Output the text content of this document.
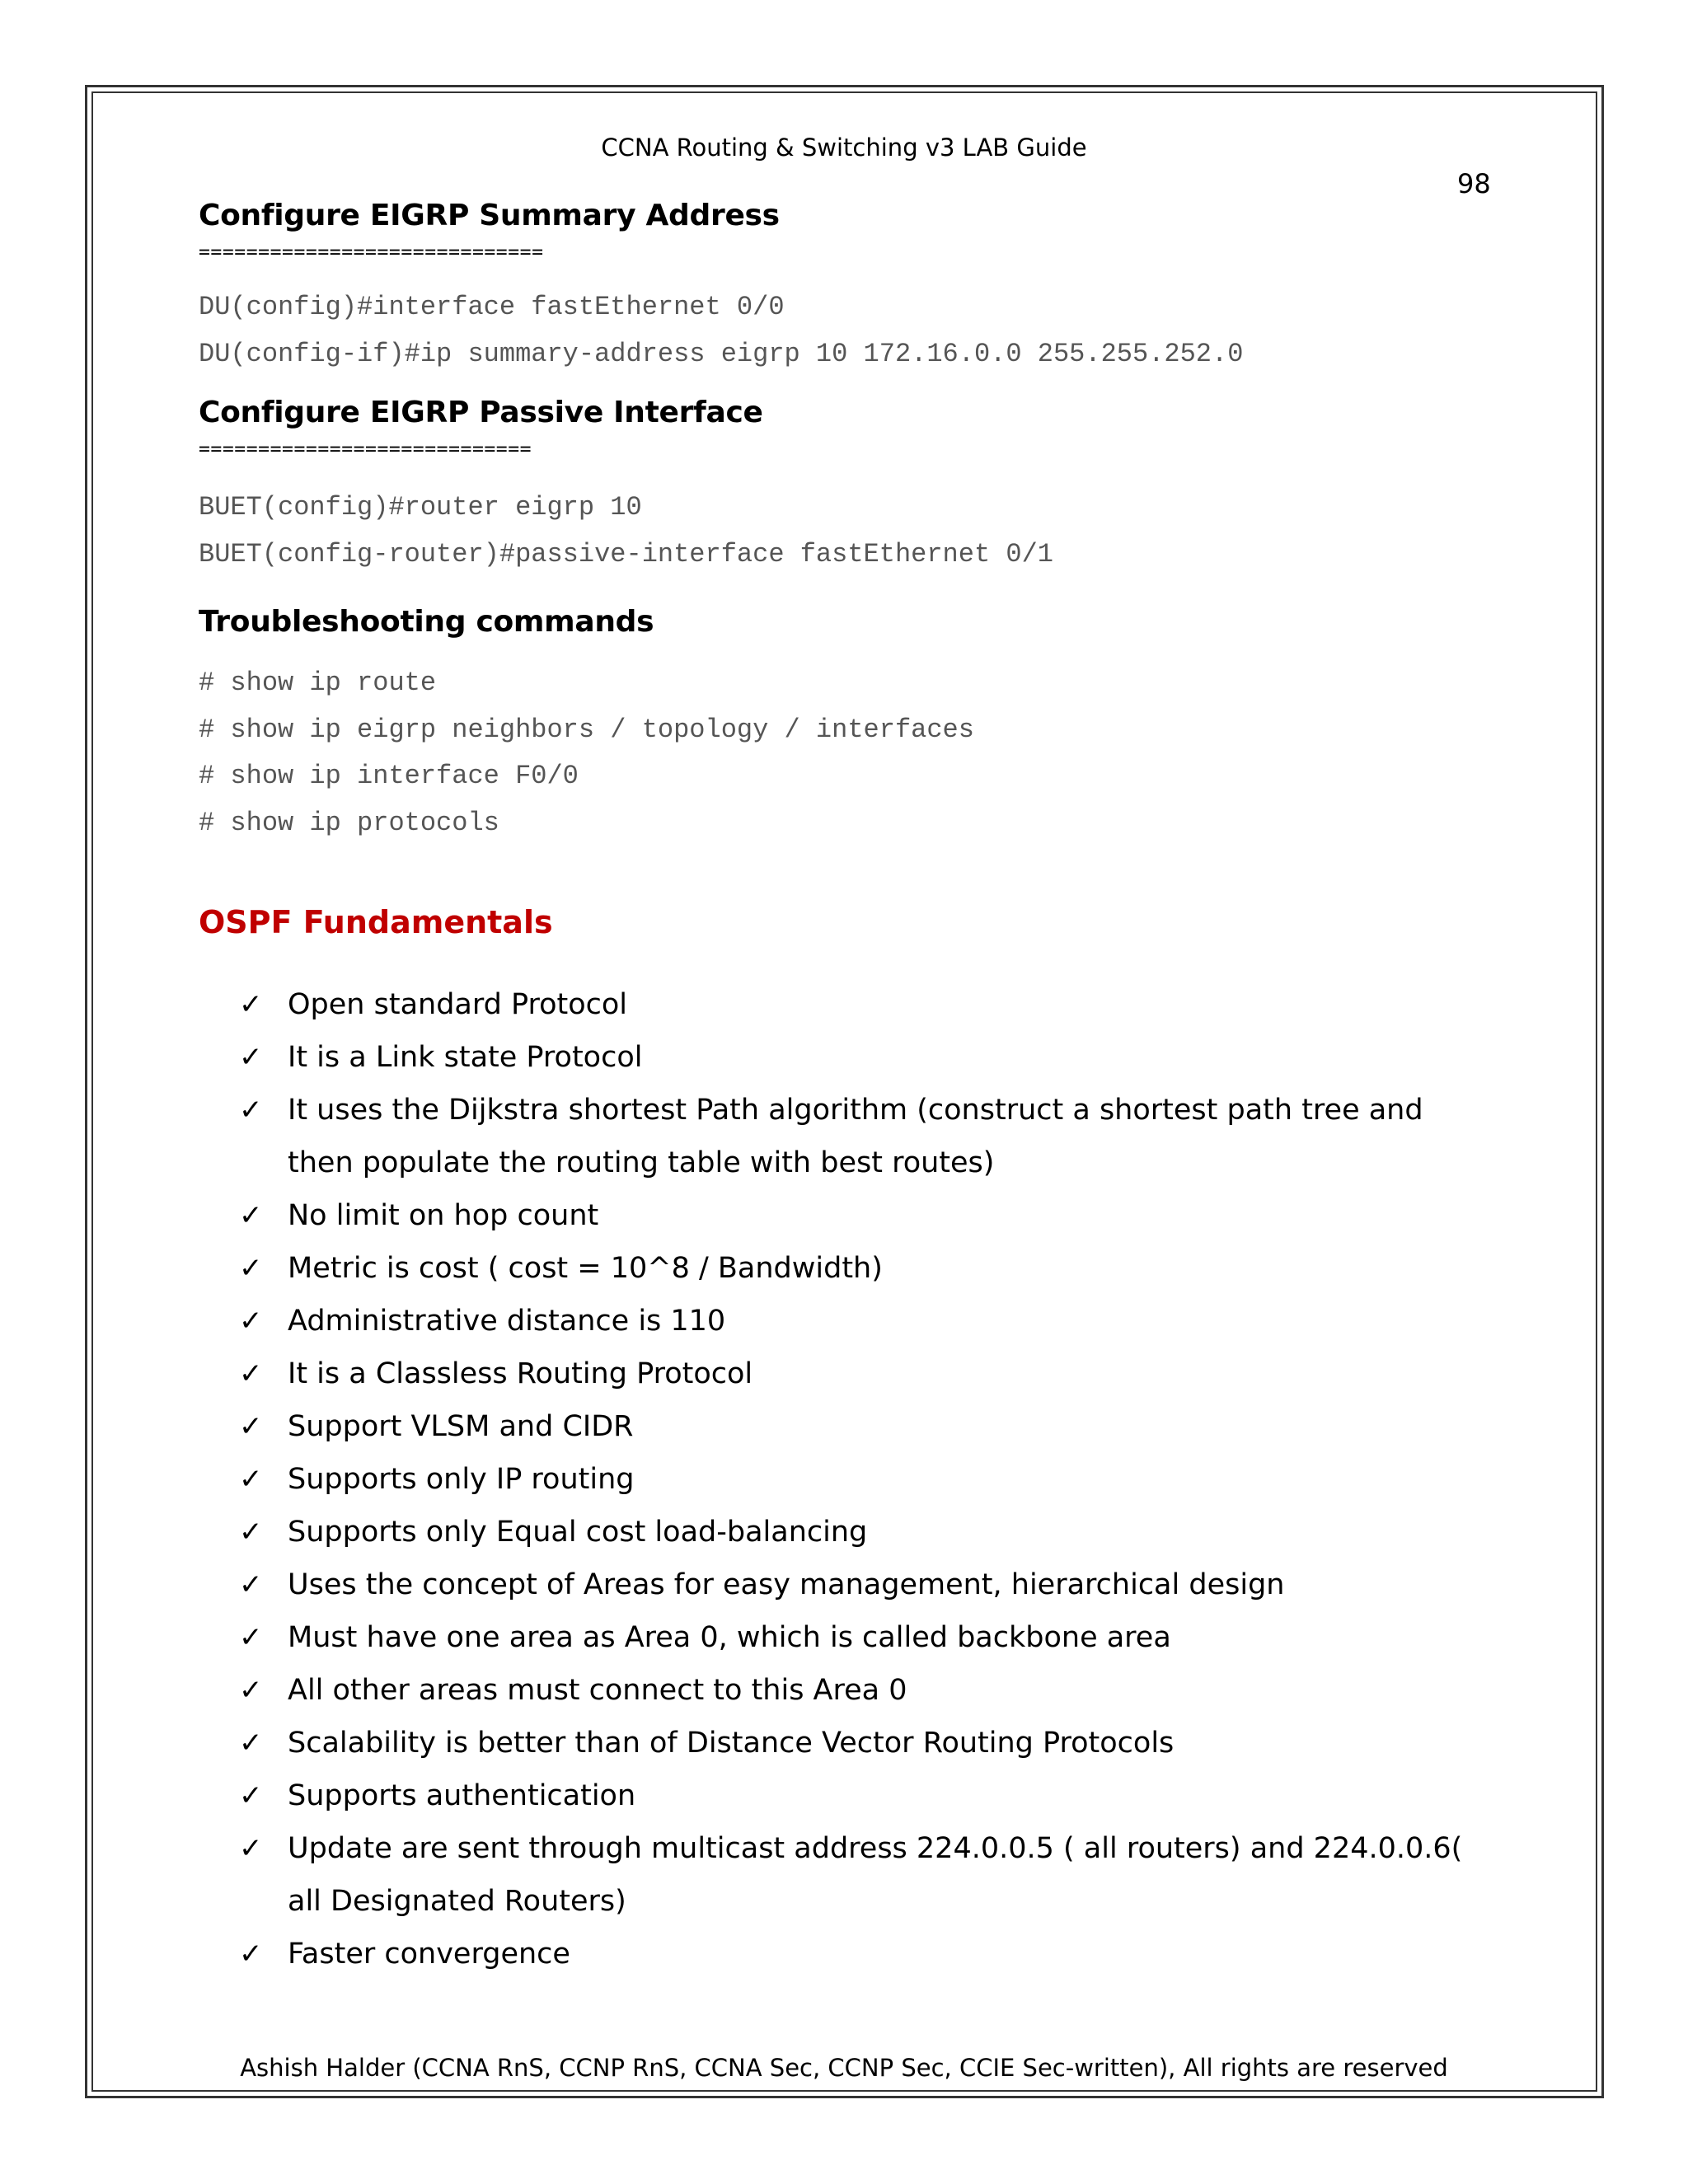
CCNA Routing & Switching v3 LAB Guide
98
Configure EIGRP Summary Address
=============================
DU(config)#interface fastEthernet 0/0
DU(config-if)#ip summary-address eigrp 10 172.16.0.0 255.255.252.0
Configure EIGRP Passive Interface
============================
BUET(config)#router eigrp 10
BUET(config-router)#passive-interface fastEthernet 0/1
Troubleshooting commands
# show ip route
# show ip eigrp neighbors / topology / interfaces
# show ip interface F0/0
# show ip protocols
OSPF Fundamentals
✓ Open standard Protocol
✓ It is a Link state Protocol
✓ It uses the Dijkstra shortest Path algorithm (construct a shortest path tree and then populate the routing table with best routes)
✓ No limit on hop count
✓ Metric is cost ( cost = 10^8 / Bandwidth)
✓ Administrative distance is 110
✓ It is a Classless Routing Protocol
✓ Support VLSM and CIDR
✓ Supports only IP routing
✓ Supports only Equal cost load-balancing
✓ Uses the concept of Areas for easy management, hierarchical design
✓ Must have one area as Area 0, which is called backbone area
✓ All other areas must connect to this Area 0
✓ Scalability is better than of Distance Vector Routing Protocols
✓ Supports authentication
✓ Update are sent through multicast address 224.0.0.5 ( all routers) and 224.0.0.6( all Designated Routers)
✓ Faster convergence
Ashish Halder (CCNA RnS, CCNP RnS, CCNA Sec, CCNP Sec, CCIE Sec-written), All rights are reserved
